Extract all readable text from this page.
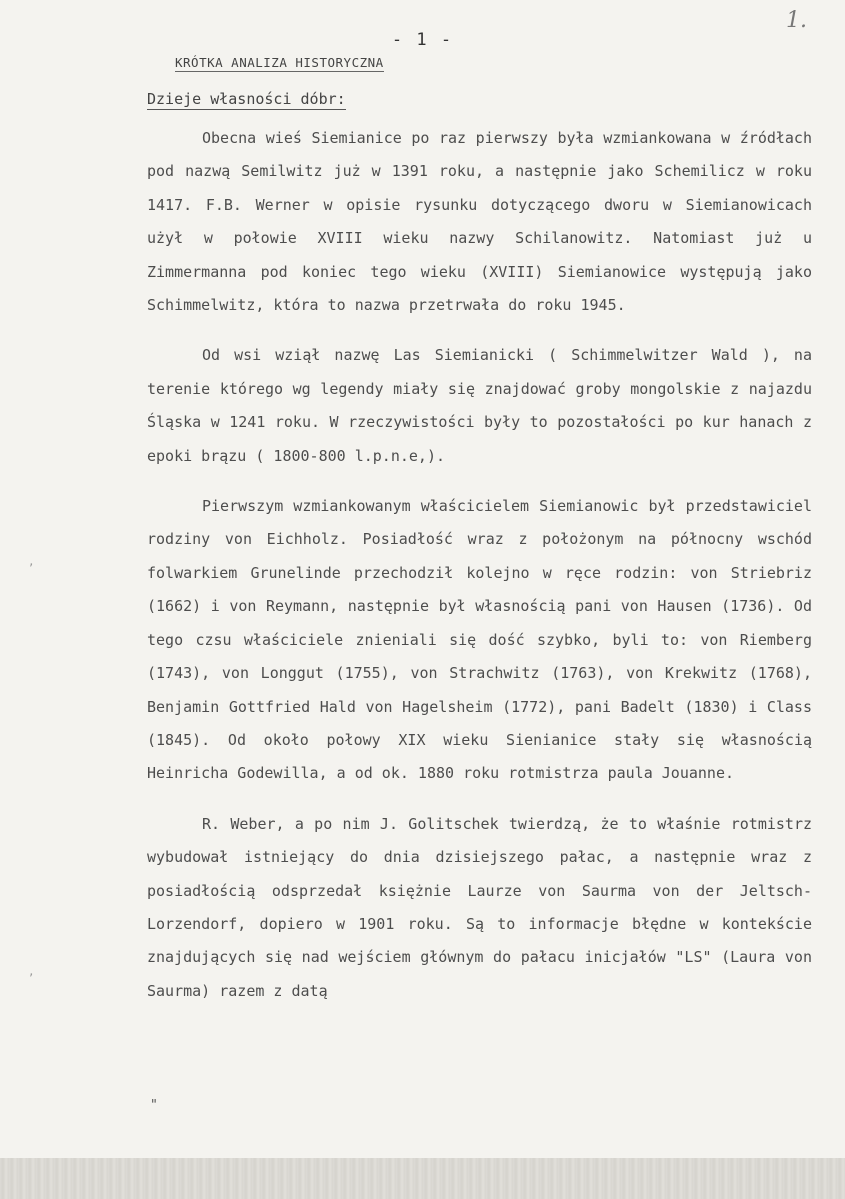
1.
- 1 -
KRÓTKA ANALIZA HISTORYCZNA
Dzieje własności dóbr:

Obecna wieś Siemianice po raz pierwszy była wzmiankowana w źródłach pod nazwą Semilwitz już w 1391 roku, a następnie jako Schemilicz w roku 1417. F.B. Werner w opisie rysunku dotyczącego dworu w Siemianowicach użył w połowie XVIII wieku nazwy Schilanowitz. Natomiast już u Zimmermanna pod koniec tego wieku (XVIII) Siemianowice występują jako Schimmelwitz, która to nazwa przetrwała do roku 1945.

Od wsi wziął nazwę Las Siemianicki ( Schimmelwitzer Wald ), na terenie którego wg legendy miały się znajdować groby mongolskie z najazdu Śląska w 1241 roku. W rzeczywistości były to pozostałości po kur hanach z epoki brązu ( 1800-800 l.p.n.e,).

Pierwszym wzmiankowanym właścicielem Siemianowic był przedstawiciel rodziny von Eichholz. Posiadłość wraz z położonym na północny wschód folwarkiem Grunelinde przechodził kolejno w ręce rodzin: von Striebriz (1662) i von Reymann, następnie był własnością pani von Hausen (1736). Od tego czsu właściciele znieniali się dość szybko, byli to: von Riemberg (1743), von Longgut (1755), von Strachwitz (1763), von Krekwitz (1768), Benjamin Gottfried Hald von Hagelsheim (1772), pani Badelt (1830) i Class (1845). Od około połowy XIX wieku Sienianice stały się własnością Heinricha Godewilla, a od ok. 1880 roku rotmistrza paula Jouanne.

R. Weber, a po nim J. Golitschek twierdzą, że to właśnie rotmistrz wybudował istniejący do dnia dzisiejszego pałac, a następnie wraz z posiadłością odsprzedał księżnie Laurze von Saurma von der Jeltsch-Lorzendorf, dopiero w 1901 roku. Są to informacje błędne w kontekście znajdujących się nad wejściem głównym do pałacu inicjałów "LS" (Laura von Saurma) razem z datą

"
,
,
